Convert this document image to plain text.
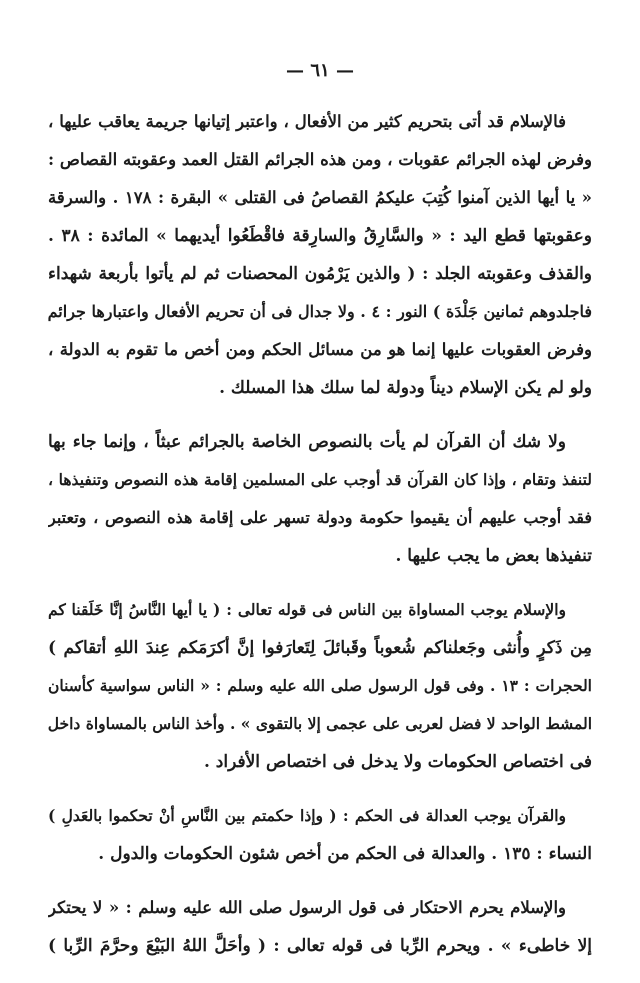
— ٦١ —
فالإسلام قد أتى بتحريم كثير من الأفعال ، واعتبر إتيانها جريمة يعاقب عليها ،
وفرض لهذه الجرائم عقوبات ، ومن هذه الجرائم القتل العمد وعقوبته القصاص :
« يا أيها الذين آمنوا كُتِبَ عليكمُ القصاصُ فى القتلى » البقرة : ١٧٨ . والسرقة
وعقوبتها قطع اليد : « والسَّارِقُ والسارِقة فاقْطَعُوا أيديهما » المائدة : ٣٨ .
والقذف وعقوبته الجلد : ( والذين يَرْمُون المحصنات ثم لم يأتوا بأربعة شهداء
فاجلدوهم ثمانين جَلْدَة ) النور : ٤ . ولا جدال فى أن تحريم الأفعال واعتبارها جرائم
وفرض العقوبات عليها إنما هو من مسائل الحكم ومن أخص ما تقوم به الدولة ،
ولو لم يكن الإسلام ديناً ودولة لما سلك هذا المسلك .
ولا شك أن القرآن لم يأت بالنصوص الخاصة بالجرائم عبثاً ، وإنما جاء بها
لتنفذ وتقام ، وإذا كان القرآن قد أوجب على المسلمين إقامة هذه النصوص وتنفيذها ،
فقد أوجب عليهم أن يقيموا حكومة ودولة تسهر على إقامة هذه النصوص ، وتعتبر
تنفيذها بعض ما يجب عليها .
والإسلام يوجب المساواة بين الناس فى قوله تعالى : ( يا أيها النَّاسُ إنَّا خَلَقنا كم
مِن ذَكرٍ وأُنثى وجَعلناكم شُعوباً وقَبائلَ لِتَعارَفوا إنَّ أكرَمَكم عِندَ اللهِ أتقاكم )
الحجرات : ١٣ . وفى قول الرسول صلى الله عليه وسلم : « الناس سواسية كأسنان
المشط الواحد لا فضل لعربى على عجمى إلا بالتقوى » . وأخذ الناس بالمساواة داخل
فى اختصاص الحكومات ولا يدخل فى اختصاص الأفراد .
والقرآن يوجب العدالة فى الحكم : ( وإذا حكمتم بين النَّاسِ أنْ تحكموا بالعَدلِ )
النساء : ١٣٥ . والعدالة فى الحكم من أخص شئون الحكومات والدول .
والإسلام يحرم الاحتكار فى قول الرسول صلى الله عليه وسلم : « لا يحتكر
إلا خاطىء » . ويحرم الرِّبا فى قوله تعالى : ( وأحَلَّ اللهُ البَيْعَ وحرَّمَ الرِّبا )
